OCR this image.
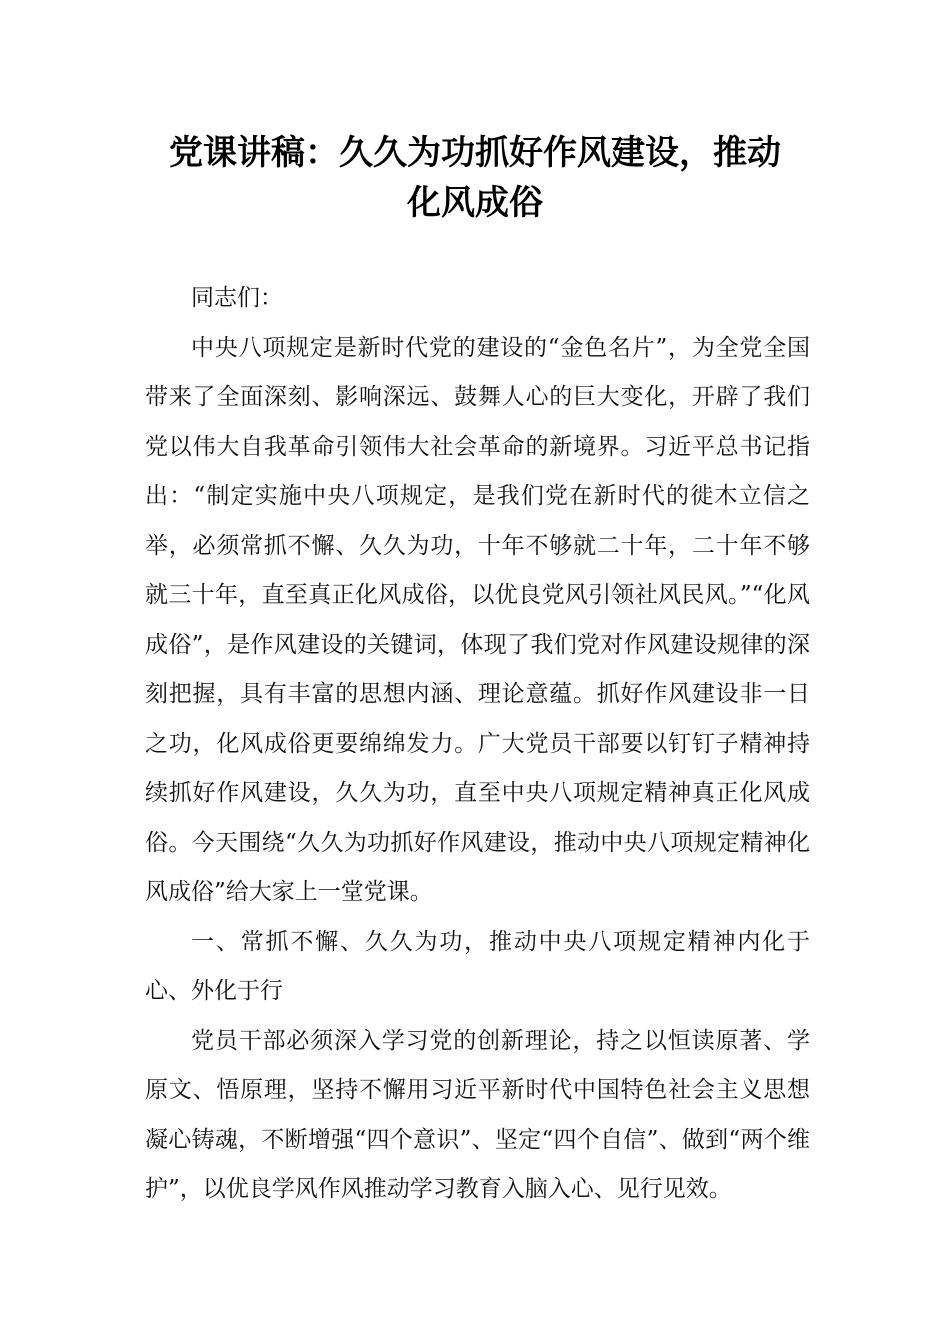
党课讲稿：久久为功抓好作风建设，推动
化风成俗

同志们：

中央八项规定是新时代党的建设的“金色名片”，为全党全国带来了全面深刻、影响深远、鼓舞人心的巨大变化，开辟了我们党以伟大自我革命引领伟大社会革命的新境界。习近平总书记指出：“制定实施中央八项规定，是我们党在新时代的徙木立信之举，必须常抓不懈、久久为功，十年不够就二十年，二十年不够就三十年，直至真正化风成俗，以优良党风引领社风民风。”“化风成俗”，是作风建设的关键词，体现了我们党对作风建设规律的深刻把握，具有丰富的思想内涵、理论意蕴。抓好作风建设非一日之功，化风成俗更要绵绵发力。广大党员干部要以钉钉子精神持续抓好作风建设，久久为功，直至中央八项规定精神真正化风成俗。今天围绕“久久为功抓好作风建设，推动中央八项规定精神化风成俗”给大家上一堂党课。

一、常抓不懈、久久为功，推动中央八项规定精神内化于心、外化于行

党员干部必须深入学习党的创新理论，持之以恒读原著、学原文、悟原理，坚持不懈用习近平新时代中国特色社会主义思想凝心铸魂，不断增强“四个意识”、坚定“四个自信”、做到“两个维护”，以优良学风作风推动学习教育入脑入心、见行见效。
